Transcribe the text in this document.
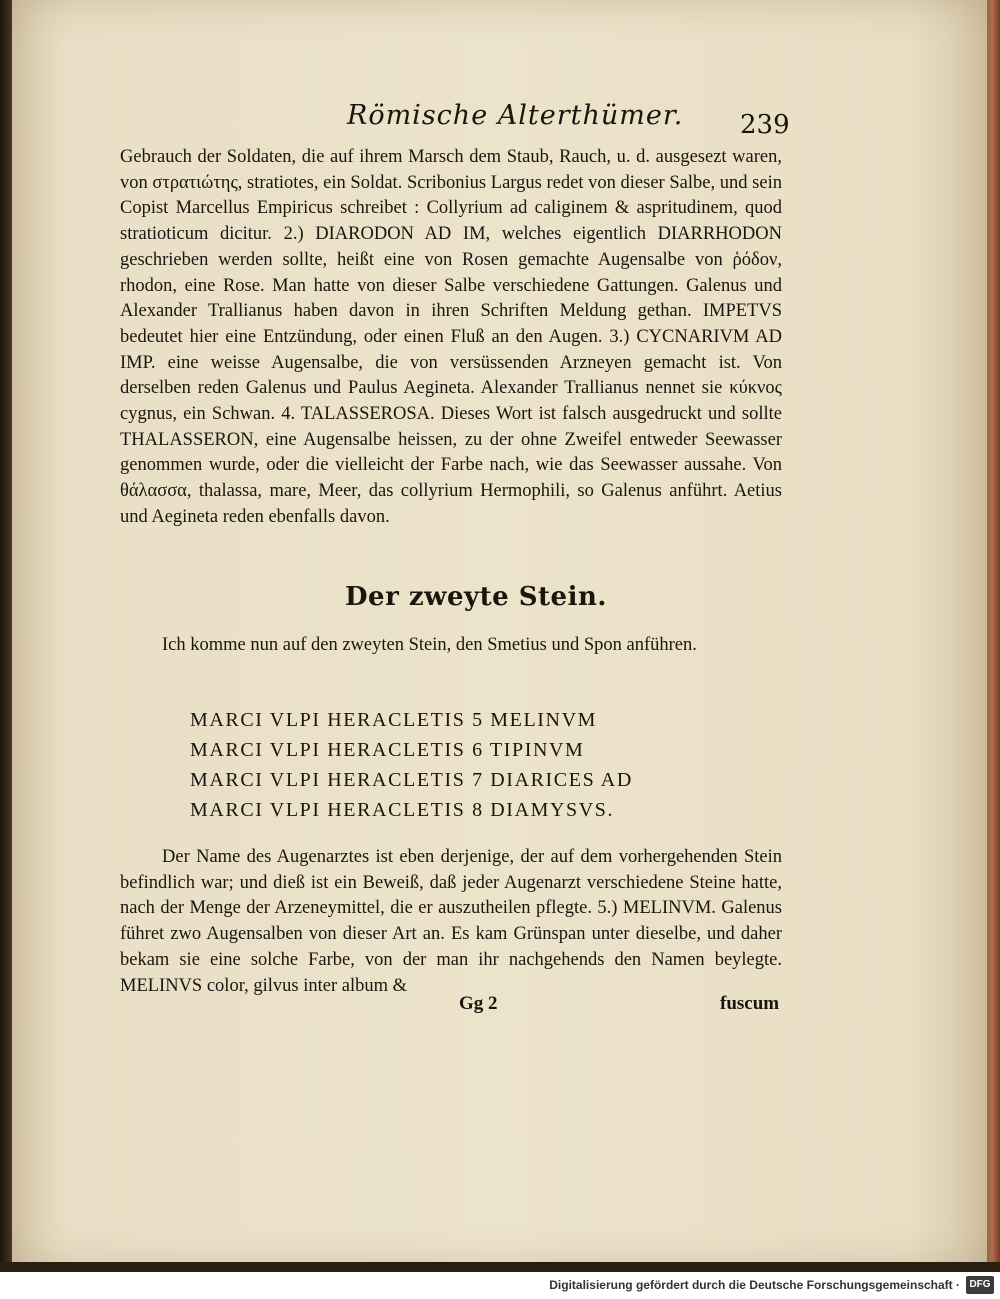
Römische Alterthümer. 239

Gebrauch der Soldaten, die auf ihrem Marsch dem Staub, Rauch, u. d. ausgesezt waren, von στρατιώτης, stratiotes, ein Soldat. Scribonius Largus redet von dieser Salbe, und sein Copist Marcellus Empiricus schreibet : Collyrium ad caliginem & aspritudinem, quod stratioticum dicitur. 2.) DIARODON AD IM, welches eigentlich DIARRHODON geschrieben werden sollte, heißt eine von Rosen gemachte Augensalbe von ῥόδον, rhodon, eine Rose. Man hatte von dieser Salbe verschiedene Gattungen. Galenus und Alexander Trallianus haben davon in ihren Schriften Meldung gethan. IMPETVS bedeutet hier eine Entzündung, oder einen Fluß an den Augen. 3.) CYCNARIVM AD IMP. eine weisse Augensalbe, die von versüssenden Arzneyen gemacht ist. Von derselben reden Galenus und Paulus Aegineta. Alexander Trallianus nennet sie κύκνος cygnus, ein Schwan. 4. TALASSEROSA. Dieses Wort ist falsch ausgedruckt und sollte THALASSERON, eine Augensalbe heissen, zu der ohne Zweifel entweder Seewasser genommen wurde, oder die vielleicht der Farbe nach, wie das Seewasser aussahe. Von θάλασσα, thalassa, mare, Meer, das collyrium Hermophili, so Galenus anführt. Aetius und Aegineta reden ebenfalls davon.

Der zweyte Stein.

Ich komme nun auf den zweyten Stein, den Smetius und Spon anführen.

MARCI VLPI HERACLETIS 5 MELINVM
MARCI VLPI HERACLETIS 6 TIPINVM
MARCI VLPI HERACLETIS 7 DIARICES AD
MARCI VLPI HERACLETIS 8 DIAMYSVS.

Der Name des Augenarztes ist eben derjenige, der auf dem vorhergehenden Stein befindlich war; und dieß ist ein Beweiß, daß jeder Augenarzt verschiedene Steine hatte, nach der Menge der Arzeneymittel, die er auszutheilen pflegte. 5.) MELINVM. Galenus führet zwo Augensalben von dieser Art an. Es kam Grünspan unter dieselbe, und daher bekam sie eine solche Farbe, von der man ihr nachgehends den Namen beylegte. MELINVS color, gilvus inter album &

Gg 2	fuscum
Digitalisierung gefördert durch die Deutsche Forschungsgemeinschaft · DFG
